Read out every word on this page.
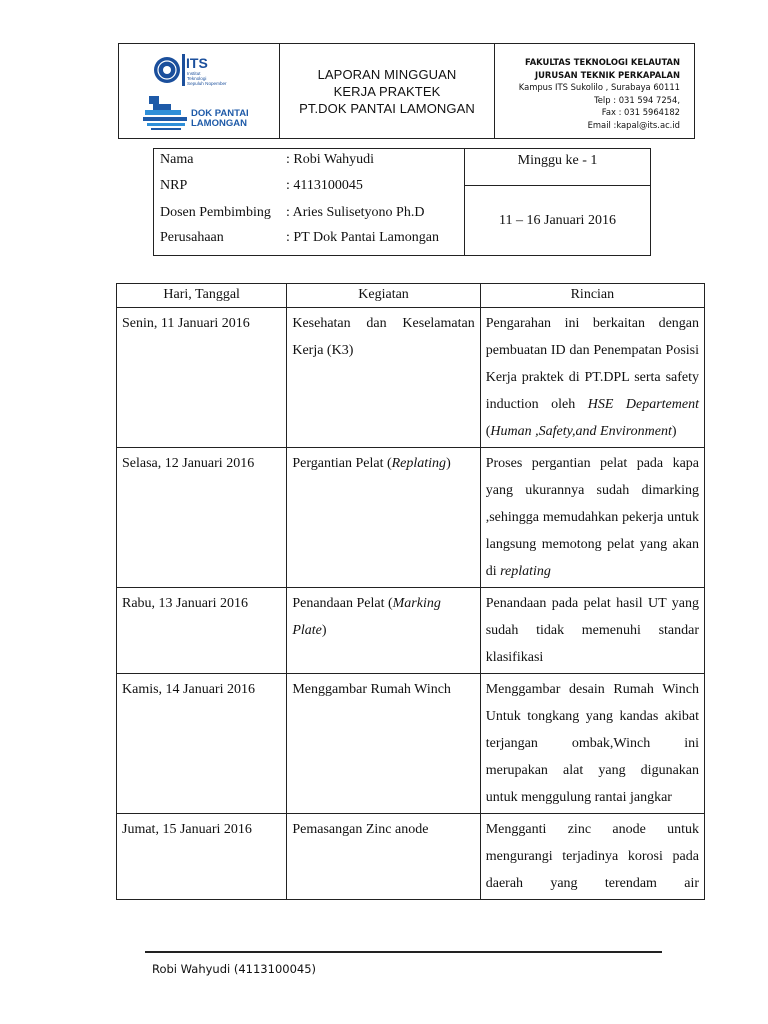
ITS
Institut
Teknologi
Sepuluh Nopember
DOK PANTAI
LAMONGAN
LAPORAN MINGGUAN
KERJA PRAKTEK
PT.DOK PANTAI LAMONGAN
FAKULTAS TEKNOLOGI KELAUTAN
JURUSAN TEKNIK PERKAPALAN
Kampus ITS Sukolilo , Surabaya 60111
Telp : 031 594 7254,
Fax : 031 5964182
Email :kapal@its.ac.id
Nama	: Robi Wahyudi
NRP	: 4113100045
Dosen Pembimbing : Aries Sulisetyono Ph.D
Perusahaan	: PT Dok Pantai Lamongan
Minggu ke - 1
11 – 16 Januari 2016
Hari, Tanggal	Kegiatan	Rincian
Senin, 11 Januari 2016	Kesehatan dan Keselamatan Kerja (K3)	Pengarahan ini berkaitan dengan pembuatan ID dan Penempatan Posisi Kerja praktek di PT.DPL serta safety induction oleh HSE Departement (Human ,Safety,and Environment)
Selasa, 12 Januari 2016	Pergantian Pelat (Replating)	Proses pergantian pelat pada kapa yang ukurannya sudah dimarking ,sehingga memudahkan pekerja untuk langsung memotong pelat yang akan di replating
Rabu, 13 Januari 2016	Penandaan Pelat (Marking Plate)	Penandaan pada pelat hasil UT yang sudah tidak memenuhi standar klasifikasi
Kamis, 14 Januari 2016	Menggambar Rumah Winch	Menggambar desain Rumah Winch Untuk tongkang yang kandas akibat terjangan ombak,Winch ini merupakan alat yang digunakan untuk menggulung rantai jangkar
Jumat, 15 Januari 2016	Pemasangan Zinc anode	Mengganti zinc anode untuk mengurangi terjadinya korosi pada daerah yang terendam air
Robi Wahyudi (4113100045)
